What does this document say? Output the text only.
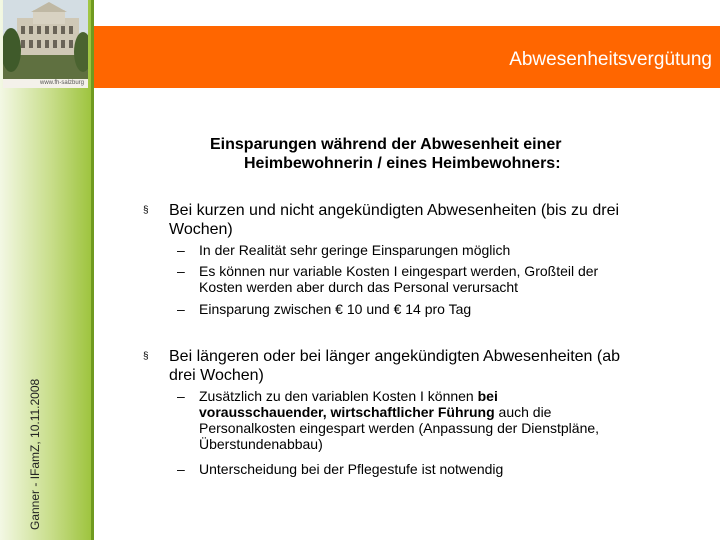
www.fh-salzburg
Ganner - IFamZ, 10.11.2008
Abwesenheitsvergütung
Einsparungen während der Abwesenheit einer
Heimbewohnerin / eines Heimbewohners:
§ Bei kurzen und nicht angekündigten Abwesenheiten (bis zu drei
Wochen)
– In der Realität sehr geringe Einsparungen möglich
– Es können nur variable Kosten I eingespart werden, Großteil der
Kosten werden aber durch das Personal verursacht
– Einsparung zwischen € 10 und € 14 pro Tag
§ Bei längeren oder bei länger angekündigten Abwesenheiten (ab
drei Wochen)
– Zusätzlich zu den variablen Kosten I können bei
vorausschauender, wirtschaftlicher Führung auch die
Personalkosten eingespart werden (Anpassung der Dienstpläne,
Überstundenabbau)
– Unterscheidung bei der Pflegestufe ist notwendig
